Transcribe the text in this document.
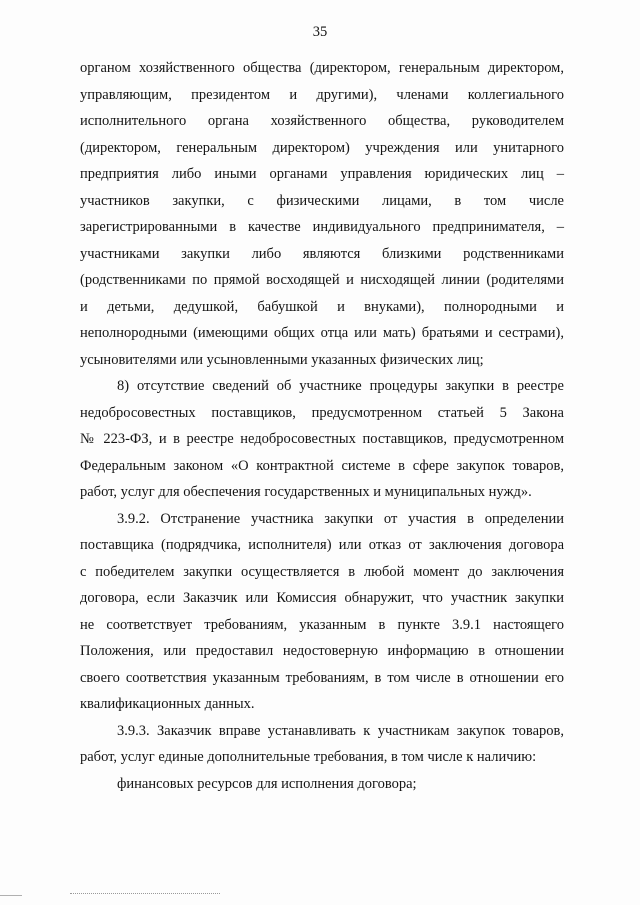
35
органом хозяйственного общества (директором, генеральным директором,
управляющим, президентом и другими), членами коллегиального
исполнительного органа хозяйственного общества, руководителем
(директором, генеральным директором) учреждения или унитарного
предприятия либо иными органами управления юридических лиц –
участников закупки, с физическими лицами, в том числе
зарегистрированными в качестве индивидуального предпринимателя, –
участниками закупки либо являются близкими родственниками
(родственниками по прямой восходящей и нисходящей линии (родителями
и детьми, дедушкой, бабушкой и внуками), полнородными и
неполнородными (имеющими общих отца или мать) братьями и сестрами),
усыновителями или усыновленными указанных физических лиц;
8) отсутствие сведений об участнике процедуры закупки в реестре
недобросовестных поставщиков, предусмотренном статьей 5 Закона
№ 223-ФЗ, и в реестре недобросовестных поставщиков, предусмотренном
Федеральным законом «О контрактной системе в сфере закупок товаров,
работ, услуг для обеспечения государственных и муниципальных нужд».
3.9.2. Отстранение участника закупки от участия в определении
поставщика (подрядчика, исполнителя) или отказ от заключения договора
с победителем закупки осуществляется в любой момент до заключения
договора, если Заказчик или Комиссия обнаружит, что участник закупки
не соответствует требованиям, указанным в пункте 3.9.1 настоящего
Положения, или предоставил недостоверную информацию в отношении
своего соответствия указанным требованиям, в том числе в отношении его
квалификационных данных.
3.9.3. Заказчик вправе устанавливать к участникам закупок товаров,
работ, услуг единые дополнительные требования, в том числе к наличию:
финансовых ресурсов для исполнения договора;
